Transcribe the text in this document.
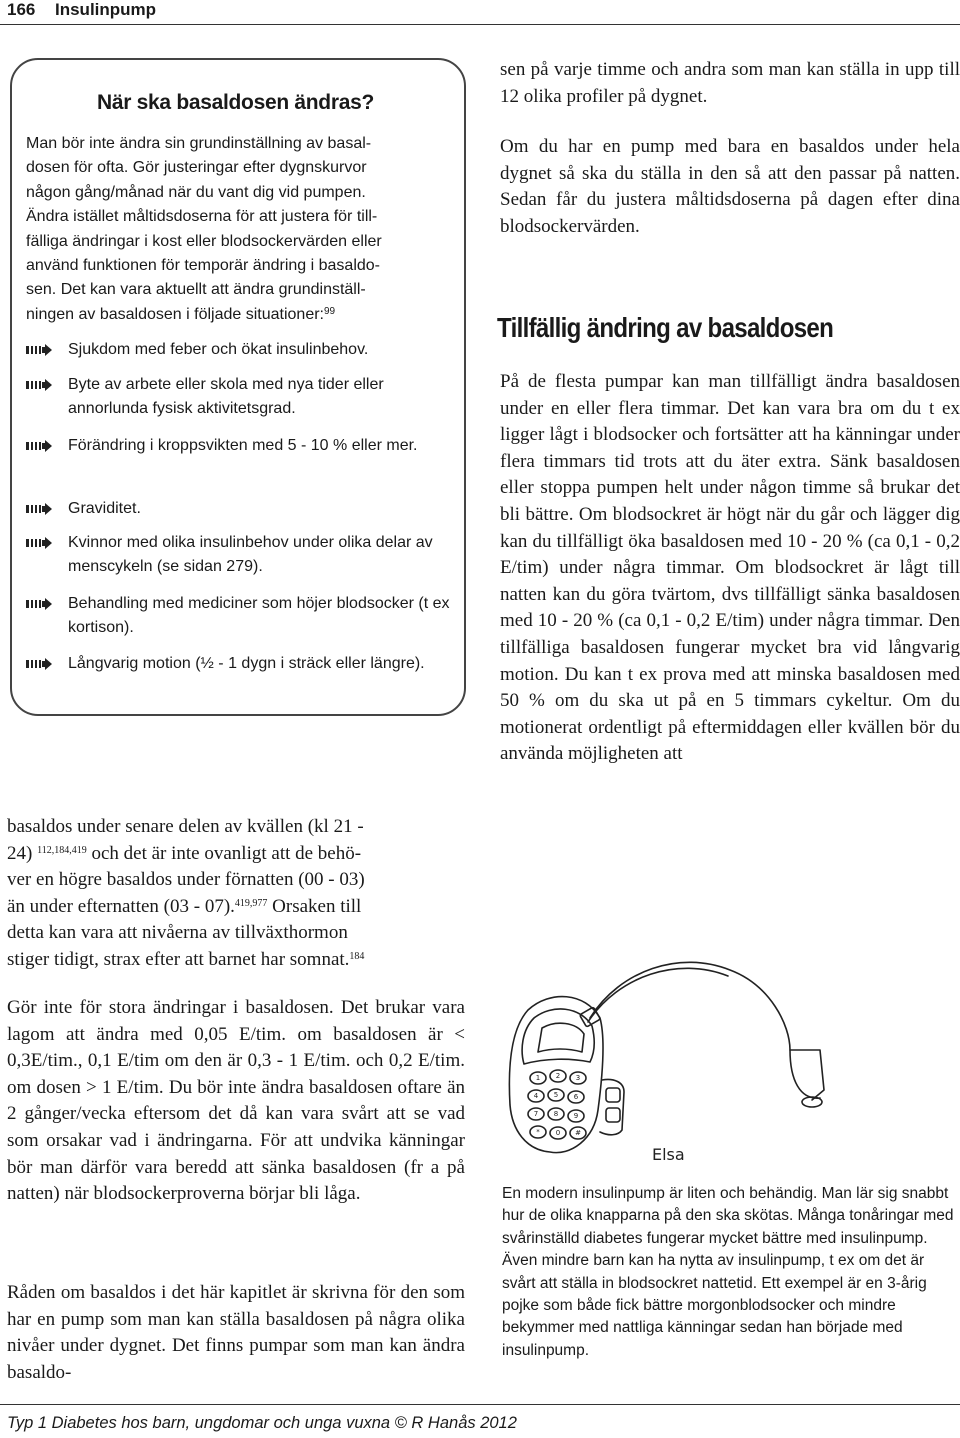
166 Insulinpump
När ska basaldosen ändras?
Man bör inte ändra sin grundinställning av basal-
dosen för ofta. Gör justeringar efter dygnskurvor
någon gång/månad när du vant dig vid pumpen.
Ändra istället måltidsdoserna för att justera för till-
fälliga ändringar i kost eller blodsockervärden eller
använd funktionen för temporär ändring i basaldo-
sen. Det kan vara aktuellt att ändra grundinställ-
ningen av basaldosen i följade situationer:$^{99}$
Sjukdom med feber och ökat insulinbehov.
Byte av arbete eller skola med nya tider eller annorlunda fysisk aktivitetsgrad.
Förändring i kroppsvikten med 5 - 10 % eller mer.
Graviditet.
Kvinnor med olika insulinbehov under olika delar av menscykeln (se sidan 279).
Behandling med mediciner som höjer blodsocker (t ex kortison).
Långvarig motion (½ - 1 dygn i sträck eller längre).
basaldos under senare delen av kvällen (kl 21 -
24) $^{112,184,419}$ och det är inte ovanligt att de behö-
ver en högre basaldos under förnatten (00 - 03)
än under efternatten (03 - 07).$^{419,977}$ Orsaken till
detta kan vara att nivåerna av tillväxthormon
stiger tidigt, strax efter att barnet har somnat.$^{184}$
Gör inte för stora ändringar i basaldosen. Det brukar vara lagom att ändra med 0,05 E/tim. om basaldosen är < 0,3E/tim., 0,1 E/tim om den är 0,3 - 1 E/tim. och 0,2 E/tim. om dosen > 1 E/tim. Du bör inte ändra basaldosen oftare än 2 gånger/vecka eftersom det då kan vara svårt att se vad som orsakar vad i ändringarna. För att undvika känningar bör man därför vara beredd att sänka basaldosen (fr a på natten) när blodsockerproverna börjar bli låga.
Råden om basaldos i det här kapitlet är skrivna för den som har en pump som man kan ställa basaldosen på några olika nivåer under dygnet. Det finns pumpar som man kan ändra basaldo-
sen på varje timme och andra som man kan ställa in upp till 12 olika profiler på dygnet.
Om du har en pump med bara en basaldos under hela dygnet så ska du ställa in den så att den passar på natten. Sedan får du justera måltidsdoserna på dagen efter dina blodsockervärden.
Tillfällig ändring av basaldosen
På de flesta pumpar kan man tillfälligt ändra basaldosen under en eller flera timmar. Det kan vara bra om du t ex ligger lågt i blodsocker och fortsätter att ha känningar under flera timmars tid trots att du äter extra. Sänk basaldosen eller stoppa pumpen helt under någon timme så brukar det bli bättre. Om blodsockret är högt när du går och lägger dig kan du tillfälligt öka basaldosen med 10 - 20 % (ca 0,1 - 0,2 E/tim) under några timmar. Om blodsockret är lågt till natten kan du göra tvärtom, dvs tillfälligt sänka basaldosen med 10 - 20 % (ca 0,1 - 0,2 E/tim) under några timmar. Den tillfälliga basaldosen fungerar mycket bra vid långvarig motion. Du kan t ex prova med att minska basaldosen med 50 % om du ska ut på en 5 timmars cykeltur. Om du motionerat ordentligt på eftermiddagen eller kvällen bör du använda möjligheten att
1 2 3
4 5 6
7 8 9
* 0 #
Elsa
En modern insulinpump är liten och behändig. Man lär sig snabbt hur de olika knapparna på den ska skötas. Många tonåringar med svårinställd diabetes fungerar mycket bättre med insulinpump. Även mindre barn kan ha nytta av insulinpump, t ex om det är svårt att ställa in blodsockret nattetid. Ett exempel är en 3-årig pojke som både fick bättre morgonblodsocker och mindre bekymmer med nattliga känningar sedan han började med insulinpump.
Typ 1 Diabetes hos barn, ungdomar och unga vuxna © R Hanås 2012
